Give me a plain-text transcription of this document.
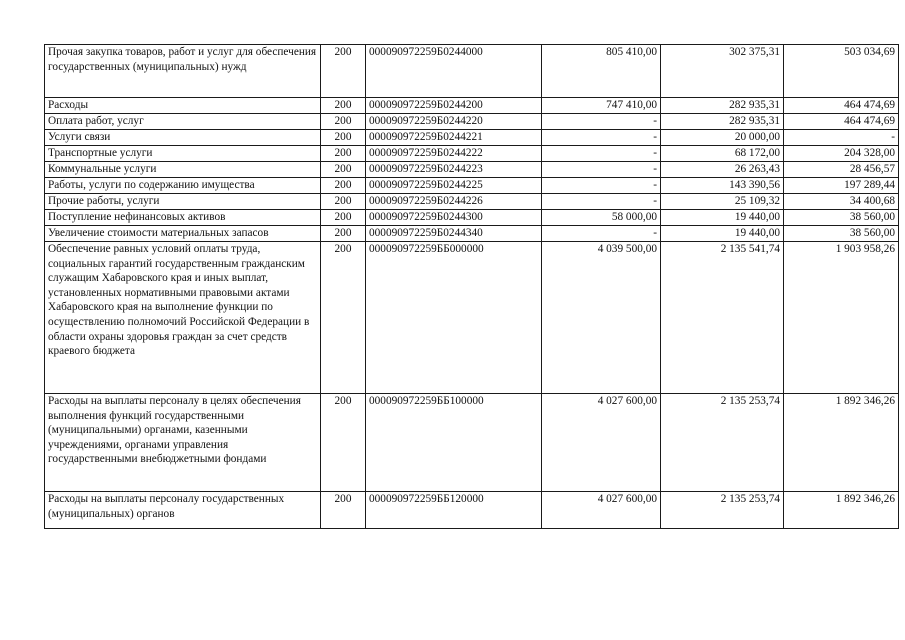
Прочая закупка товаров, работ и услуг для обеспечения государственных (муниципальных) нужд	200	000090972259Б0244000	805 410,00	302 375,31	503 034,69
Расходы	200	000090972259Б0244200	747 410,00	282 935,31	464 474,69
Оплата работ, услуг	200	000090972259Б0244220	-	282 935,31	464 474,69
Услуги связи	200	000090972259Б0244221	-	20 000,00	-
Транспортные услуги	200	000090972259Б0244222	-	68 172,00	204 328,00
Коммунальные услуги	200	000090972259Б0244223	-	26 263,43	28 456,57
Работы, услуги по содержанию имущества	200	000090972259Б0244225	-	143 390,56	197 289,44
Прочие работы, услуги	200	000090972259Б0244226	-	25 109,32	34 400,68
Поступление нефинансовых активов	200	000090972259Б0244300	58 000,00	19 440,00	38 560,00
Увеличение стоимости материальных запасов	200	000090972259Б0244340	-	19 440,00	38 560,00
Обеспечение равных условий оплаты труда, социальных гарантий государственным гражданским служащим Хабаровского края и иных выплат, установленных нормативными правовыми актами Хабаровского края на выполнение функции по осуществлению полномочий Российской Федерации в области охраны здоровья граждан за счет средств краевого бюджета	200	000090972259ББ000000	4 039 500,00	2 135 541,74	1 903 958,26
Расходы на выплаты персоналу в целях обеспечения выполнения функций государственными (муниципальными) органами, казенными учреждениями, органами управления государственными внебюджетными фондами	200	000090972259ББ100000	4 027 600,00	2 135 253,74	1 892 346,26
Расходы на выплаты персоналу государственных (муниципальных) органов	200	000090972259ББ120000	4 027 600,00	2 135 253,74	1 892 346,26
